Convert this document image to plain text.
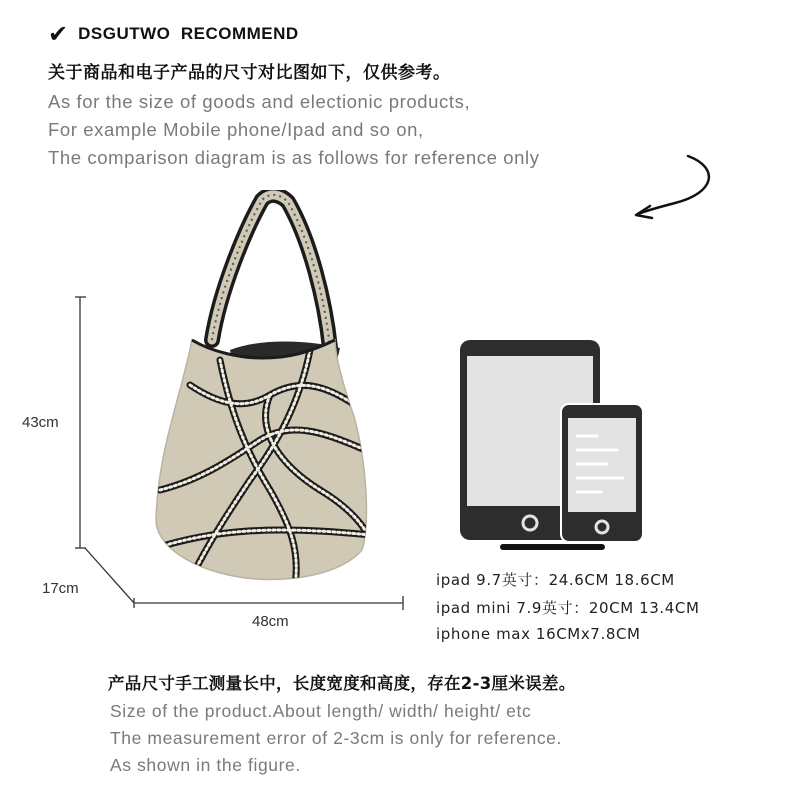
✔ DSGUTWO  RECOMMEND
关于商品和电子产品的尺寸对比图如下，仅供参考。
As for the size of goods and electionic products,
For example Mobile phone/Ipad and so on,
The comparison diagram is as follows for reference only
43cm
17cm
48cm
ipad 9.7英寸：24.6CM 18.6CM
ipad mini 7.9英寸：20CM 13.4CM
iphone max 16CMx7.8CM
产品尺寸手工测量长中，长度宽度和高度，存在2-3厘米误差。
Size of the product.About length/ width/ height/ etc
The measurement error of 2-3cm is only for reference.
As shown in the figure.
